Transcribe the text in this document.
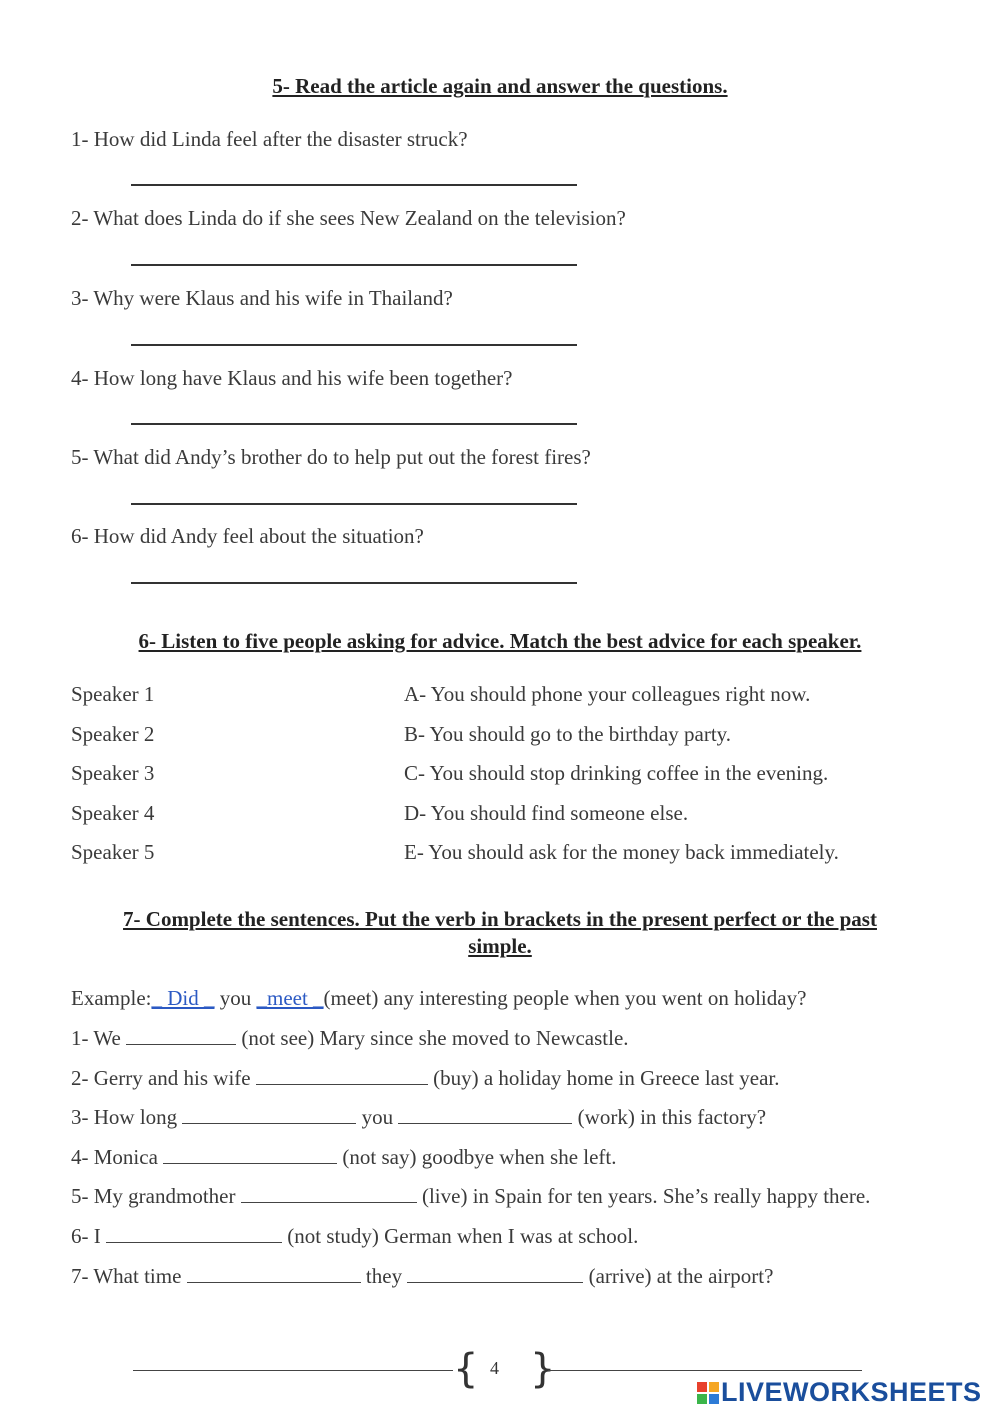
5- Read the article again and answer the questions.
1- How did Linda feel after the disaster struck?
2- What does Linda do if she sees New Zealand on the television?
3- Why were Klaus and his wife in Thailand?
4- How long have Klaus and his wife been together?
5- What did Andy’s brother do to help put out the forest fires?
6- How did Andy feel about the situation?
6- Listen to five people asking for advice. Match the best advice for each speaker.
Speaker 1	A- You should phone your colleagues right now.
Speaker 2	B- You should go to the birthday party.
Speaker 3	C- You should stop drinking coffee in the evening.
Speaker 4	D- You should find someone else.
Speaker 5	E- You should ask for the money back immediately.
7- Complete the sentences. Put the verb in brackets in the present perfect or the past
simple.
Example:_ Did _ you _meet _(meet) any interesting people when you went on holiday?
1- We	(not see) Mary since she moved to Newcastle.
2- Gerry and his wife	(buy) a holiday home in Greece last year.
3- How long	you	(work) in this factory?
4- Monica	(not say) goodbye when she left.
5- My grandmother	(live) in Spain for ten years. She’s really happy there.
6- I	(not study) German when I was at school.
7- What time	they	(arrive) at the airport?
{ 4 }	LIVEWORKSHEETS
